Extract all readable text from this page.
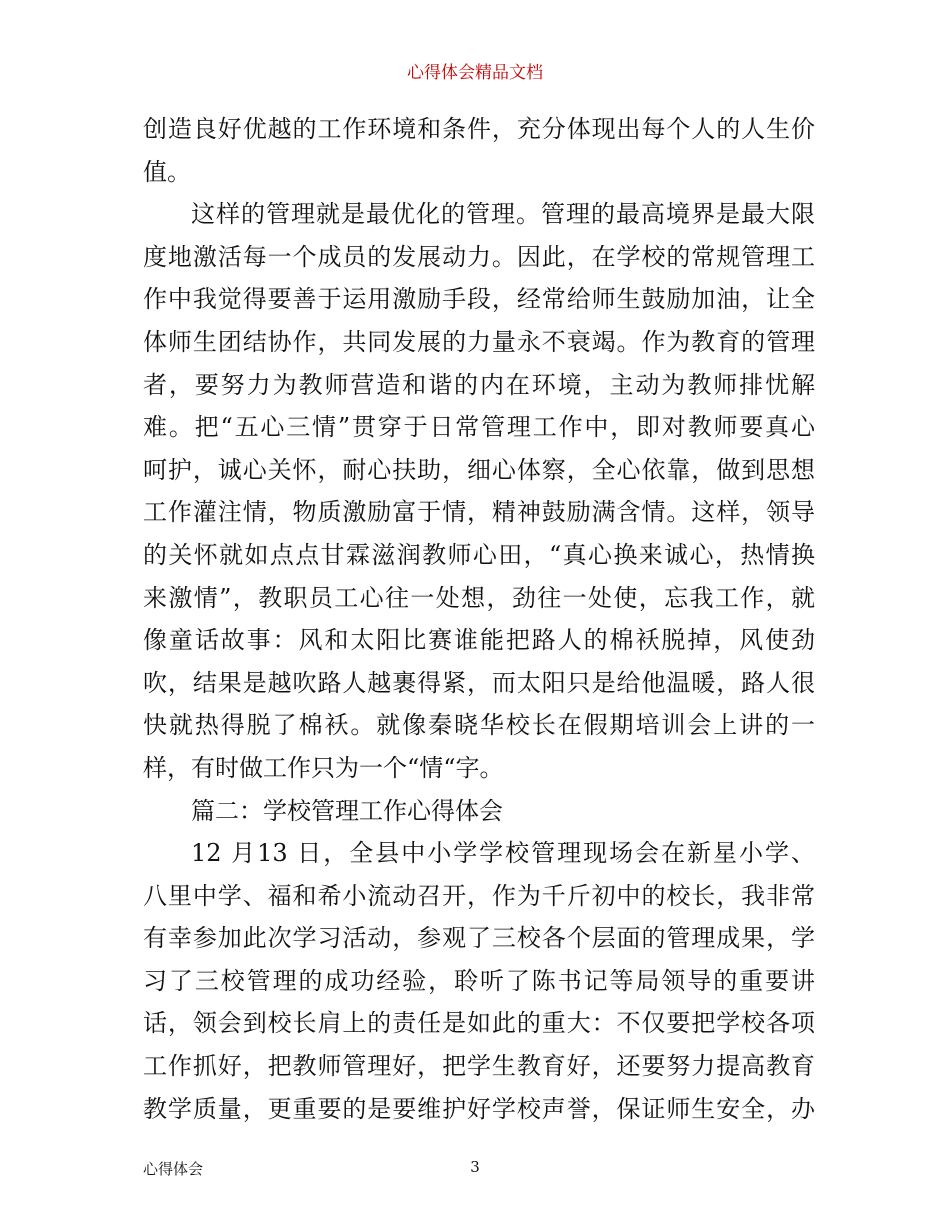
心得体会精品文档
创造良好优越的工作环境和条件，充分体现出每个人的人生价
值。
这样的管理就是最优化的管理。管理的最高境界是最大限
度地激活每一个成员的发展动力。因此，在学校的常规管理工
作中我觉得要善于运用激励手段，经常给师生鼓励加油，让全
体师生团结协作，共同发展的力量永不衰竭。作为教育的管理
者，要努力为教师营造和谐的内在环境，主动为教师排忧解
难。把“五心三情”贯穿于日常管理工作中，即对教师要真心
呵护，诚心关怀，耐心扶助，细心体察，全心依靠，做到思想
工作灌注情，物质激励富于情，精神鼓励满含情。这样，领导
的关怀就如点点甘霖滋润教师心田，“真心换来诚心，热情换
来激情”，教职员工心往一处想，劲往一处使，忘我工作，就
像童话故事：风和太阳比赛谁能把路人的棉袄脱掉，风使劲
吹，结果是越吹路人越裹得紧，而太阳只是给他温暖，路人很
快就热得脱了棉袄。就像秦晓华校长在假期培训会上讲的一
样，有时做工作只为一个“情“字。
篇二：学校管理工作心得体会
12 月13 日，全县中小学学校管理现场会在新星小学、
八里中学、福和希小流动召开，作为千斤初中的校长，我非常
有幸参加此次学习活动，参观了三校各个层面的管理成果，学
习了三校管理的成功经验，聆听了陈书记等局领导的重要讲
话，领会到校长肩上的责任是如此的重大：不仅要把学校各项
工作抓好，把教师管理好，把学生教育好，还要努力提高教育
教学质量，更重要的是要维护好学校声誉，保证师生安全，办
心得体会	3
